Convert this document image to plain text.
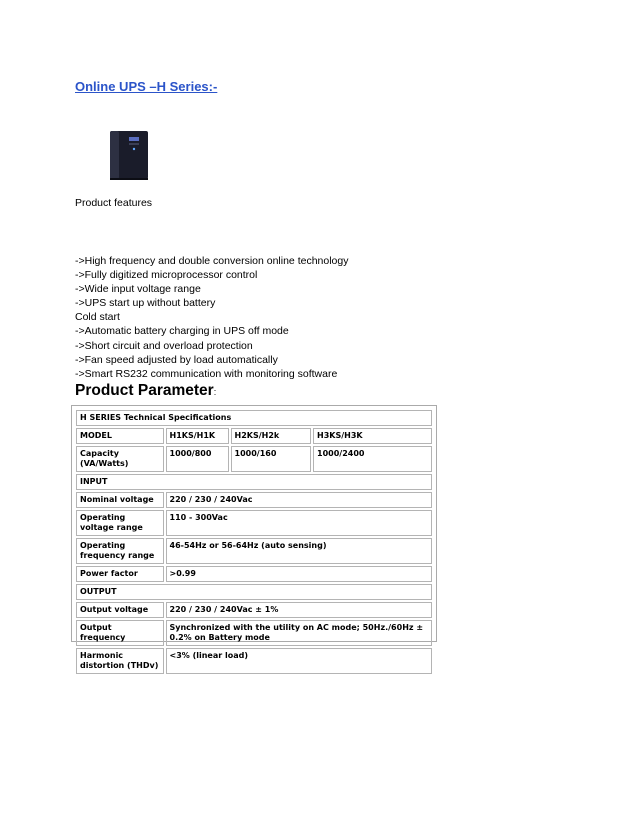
Online UPS –H Series:-
Product features
->High frequency and double conversion online technology
->Fully digitized microprocessor control
->Wide input voltage range
->UPS start up without battery
Cold start
->Automatic battery charging in UPS off mode
->Short circuit and overload protection
->Fan speed adjusted by load automatically
->Smart RS232 communication with monitoring software
Product Parameter:
H SERIES Technical Specifications			
MODEL	H1KS/H1K	H2KS/H2k	H3KS/H3K
Capacity (VA/Watts)	1000/800	1000/160	1000/2400
INPUT			
Nominal voltage	220 / 230 / 240Vac		
Operating voltage range	110 - 300Vac		
Operating frequency range	46-54Hz or 56-64Hz (auto sensing)		
Power factor	>0.99		
OUTPUT			
Output voltage	220 / 230 / 240Vac ± 1%		
Output frequency	Synchronized with the utility on AC mode; 50Hz./60Hz ± 0.2% on Battery mode		
Harmonic distortion (THDv)	<3% (linear load)		
